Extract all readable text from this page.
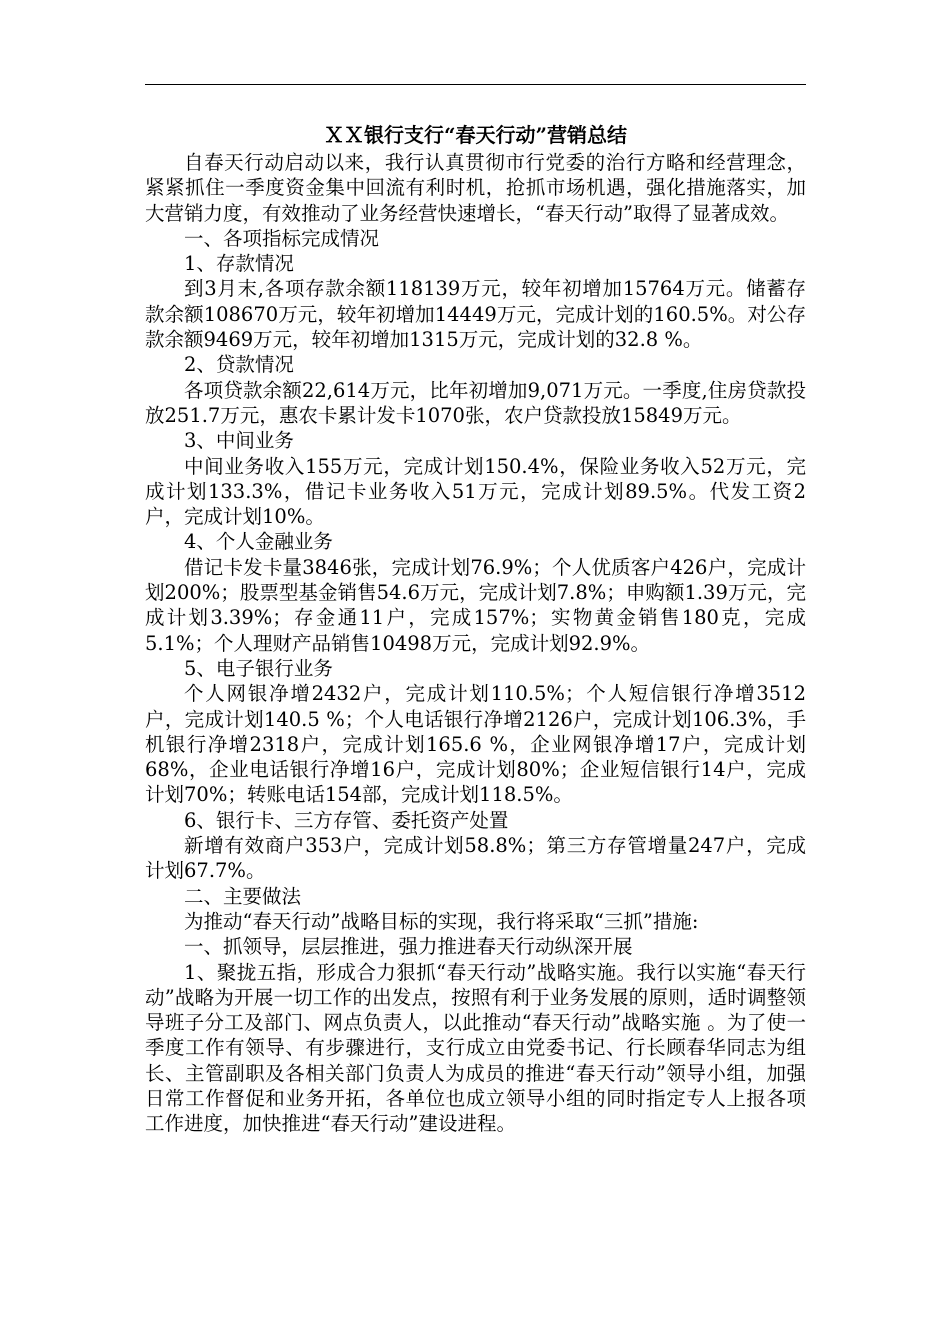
ＸＸ银行支行“春天行动”营销总结

自春天行动启动以来，我行认真贯彻市行党委的治行方略和经营理念，紧紧抓住一季度资金集中回流有利时机，抢抓市场机遇，强化措施落实，加大营销力度，有效推动了业务经营快速增长，“春天行动”取得了显著成效。

一、各项指标完成情况

1、存款情况

到3月末,各项存款余额118139万元，较年初增加15764万元。储蓄存款余额108670万元，较年初增加14449万元，完成计划的160.5%。对公存款余额9469万元，较年初增加1315万元，完成计划的32.8 %。

2、贷款情况

各项贷款余额22,614万元，比年初增加9,071万元。一季度,住房贷款投放251.7万元，惠农卡累计发卡1070张，农户贷款投放15849万元。

3、中间业务

中间业务收入155万元，完成计划150.4%，保险业务收入52万元，完成计划133.3%，借记卡业务收入51万元，完成计划89.5%。代发工资2户，完成计划10%。

4、个人金融业务

借记卡发卡量3846张，完成计划76.9%；个人优质客户426户，完成计划200%；股票型基金销售54.6万元，完成计划7.8%；申购额1.39万元，完成计划3.39%；存金通11户，完成157%；实物黄金销售180克，完成5.1%；个人理财产品销售10498万元，完成计划92.9%。

5、电子银行业务

个人网银净增2432户，完成计划110.5%；个人短信银行净增3512户，完成计划140.5 %；个人电话银行净增2126户，完成计划106.3%，手机银行净增2318户，完成计划165.6 %，企业网银净增17户，完成计划68%，企业电话银行净增16户，完成计划80%；企业短信银行14户，完成计划70%；转账电话154部，完成计划118.5%。

6、银行卡、三方存管、委托资产处置

新增有效商户353户，完成计划58.8%；第三方存管增量247户，完成计划67.7%。

二、主要做法

为推动“春天行动”战略目标的实现，我行将采取“三抓”措施:

一、抓领导，层层推进，强力推进春天行动纵深开展

1、聚拢五指，形成合力狠抓“春天行动”战略实施。我行以实施“春天行动”战略为开展一切工作的出发点，按照有利于业务发展的原则，适时调整领导班子分工及部门、网点负责人，以此推动“春天行动”战略实施 。为了使一季度工作有领导、有步骤进行，支行成立由党委书记、行长顾春华同志为组长、主管副职及各相关部门负责人为成员的推进“春天行动”领导小组，加强日常工作督促和业务开拓，各单位也成立领导小组的同时指定专人上报各项工作进度，加快推进“春天行动”建设进程。
